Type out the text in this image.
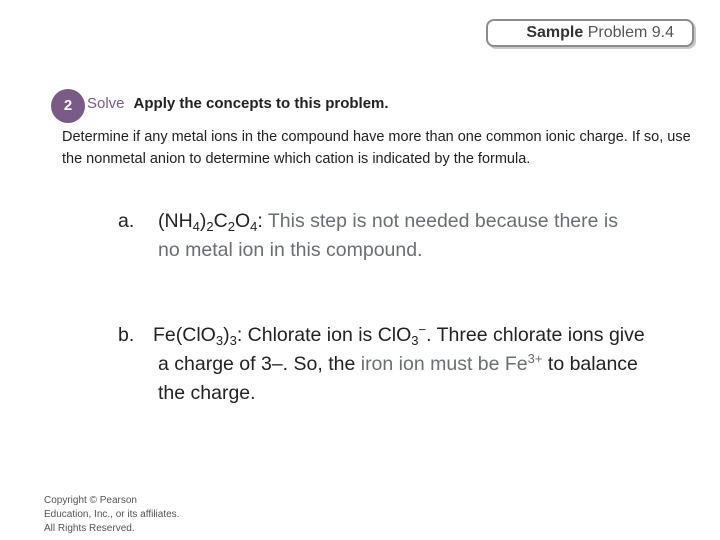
Sample Problem 9.4
2 Solve Apply the concepts to this problem.
Determine if any metal ions in the compound have more than one common ionic charge. If so, use the nonmetal anion to determine which cation is indicated by the formula.
a. $(NH_4)_2C_2O_4$: This step is not needed because there is
no metal ion in this compound.
b. $Fe(ClO_3)_3$: Chlorate ion is ClO$_3$−. Three chlorate ions give
a charge of 3–. So, the iron ion must be $Fe^{3+}$ to balance
the charge.
Copyright © Pearson
Education, Inc., or its affiliates.
All Rights Reserved.
